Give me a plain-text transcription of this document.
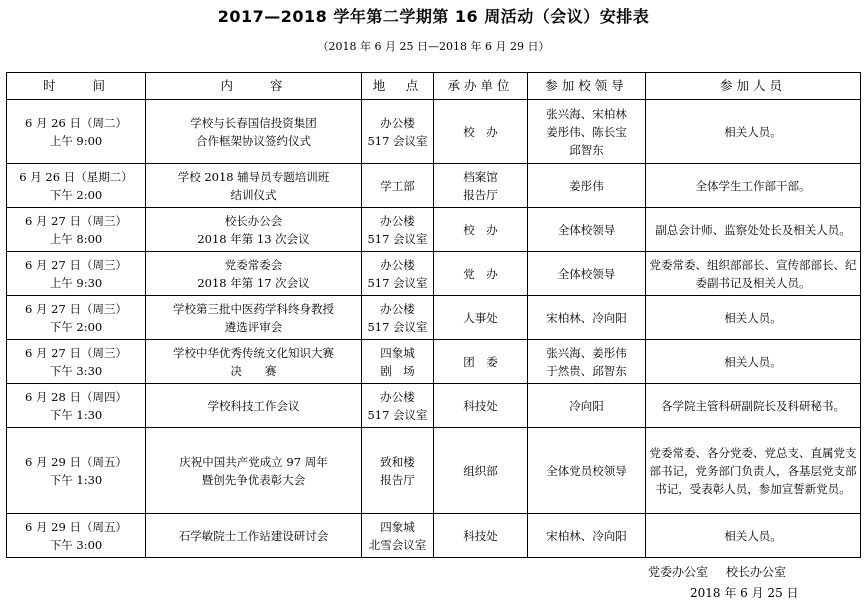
2017—2018 学年第二学期第 16 周活动（会议）安排表
（2018 年 6 月 25 日—2018 年 6 月 29 日）
时　　间	内　　容	地　点	承办单位	参加校领导	参加人员

6 月 26 日（周二）
上午 9:00	学校与长春国信投资集团
合作框架协议签约仪式	办公楼
517 会议室	校　办	张兴海、宋柏林
姜彤伟、陈长宝
邱智东	相关人员。

6 月 26 日（星期二）
下午 2:00	学校 2018 辅导员专题培训班
结训仪式	学工部	档案馆
报告厅	姜彤伟	全体学生工作部干部。

6 月 27 日（周三）
上午 8:00	校长办公会
2018 年第 13 次会议	办公楼
517 会议室	校　办	全体校领导	副总会计师、监察处处长及相关人员。

6 月 27 日（周三）
上午 9:30	党委常委会
2018 年第 17 次会议	办公楼
517 会议室	党　办	全体校领导	党委常委、组织部部长、宣传部部长、纪委副书记及相关人员。

6 月 27 日（周三）
下午 2:00	学校第三批中医药学科终身教授
遴选评审会	办公楼
517 会议室	人事处	宋柏林、冷向阳	相关人员。

6 月 27 日（周三）
下午 3:30	学校中华优秀传统文化知识大赛
决　　赛	四象城
剧　场	团　委	张兴海、姜彤伟
于然贵、邱智东	相关人员。

6 月 28 日（周四）
下午 1:30	学校科技工作会议	办公楼
517 会议室	科技处	冷向阳	各学院主管科研副院长及科研秘书。

6 月 29 日（周五）
下午 1:30	庆祝中国共产党成立 97 周年
暨创先争优表彰大会	致和楼
报告厅	组织部	全体党员校领导	党委常委、各分党委、党总支、直属党支部书记，党务部门负责人，各基层党支部书记，受表彰人员，参加宣誓新党员。

6 月 29 日（周五）
下午 3:00	石学敏院士工作站建设研讨会	四象城
北雪会议室	科技处	宋柏林、冷向阳	相关人员。
党委办公室 校长办公室
2018 年 6 月 25 日
